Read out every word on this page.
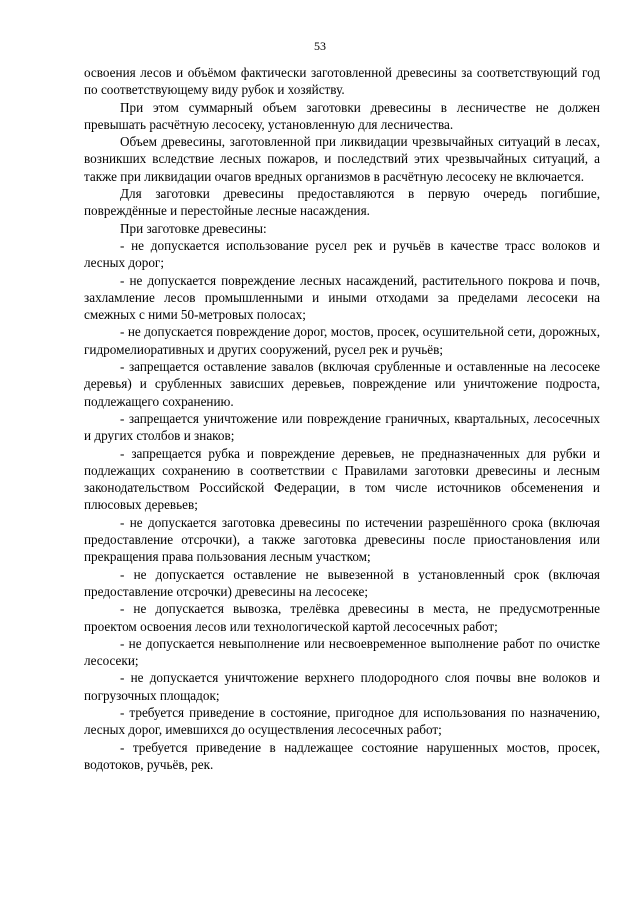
53

освоения лесов и объёмом фактически заготовленной древесины за соответствующий год по соответствующему виду рубок и хозяйству.

При этом суммарный объем заготовки древесины в лесничестве не должен превышать расчётную лесосеку, установленную для лесничества.

Объем древесины, заготовленной при ликвидации чрезвычайных ситуаций в лесах, возникших вследствие лесных пожаров, и последствий этих чрезвычайных ситуаций, а также при ликвидации очагов вредных организмов в расчётную лесосеку не включается.

Для заготовки древесины предоставляются в первую очередь погибшие, повреждённые и перестойные лесные насаждения.

При заготовке древесины:

- не допускается использование русел рек и ручьёв в качестве трасс волоков и лесных дорог;

- не допускается повреждение лесных насаждений, растительного покрова и почв, захламление лесов промышленными и иными отходами за пределами лесосеки на смежных с ними 50-метровых полосах;

- не допускается повреждение дорог, мостов, просек, осушительной сети, дорожных, гидромелиоративных и других сооружений, русел рек и ручьёв;

- запрещается оставление завалов (включая срубленные и оставленные на лесосеке деревья) и срубленных зависших деревьев, повреждение или уничтожение подроста, подлежащего сохранению.

- запрещается уничтожение или повреждение граничных, квартальных, лесосечных и других столбов и знаков;

- запрещается рубка и повреждение деревьев, не предназначенных для рубки и подлежащих сохранению в соответствии с Правилами заготовки древесины и лесным законодательством Российской Федерации, в том числе источников обсеменения и плюсовых деревьев;

- не допускается заготовка древесины по истечении разрешённого срока (включая предоставление отсрочки), а также заготовка древесины после приостановления или прекращения права пользования лесным участком;

- не допускается оставление не вывезенной в установленный срок (включая предоставление отсрочки) древесины на лесосеке;

- не допускается вывозка, трелёвка древесины в места, не предусмотренные проектом освоения лесов или технологической картой лесосечных работ;

- не допускается невыполнение или несвоевременное выполнение работ по очистке лесосеки;

- не допускается уничтожение верхнего плодородного слоя почвы вне волоков и погрузочных площадок;

- требуется приведение в состояние, пригодное для использования по назначению, лесных дорог, имевшихся до осуществления лесосечных работ;

- требуется приведение в надлежащее состояние нарушенных мостов, просек, водотоков, ручьёв, рек.
